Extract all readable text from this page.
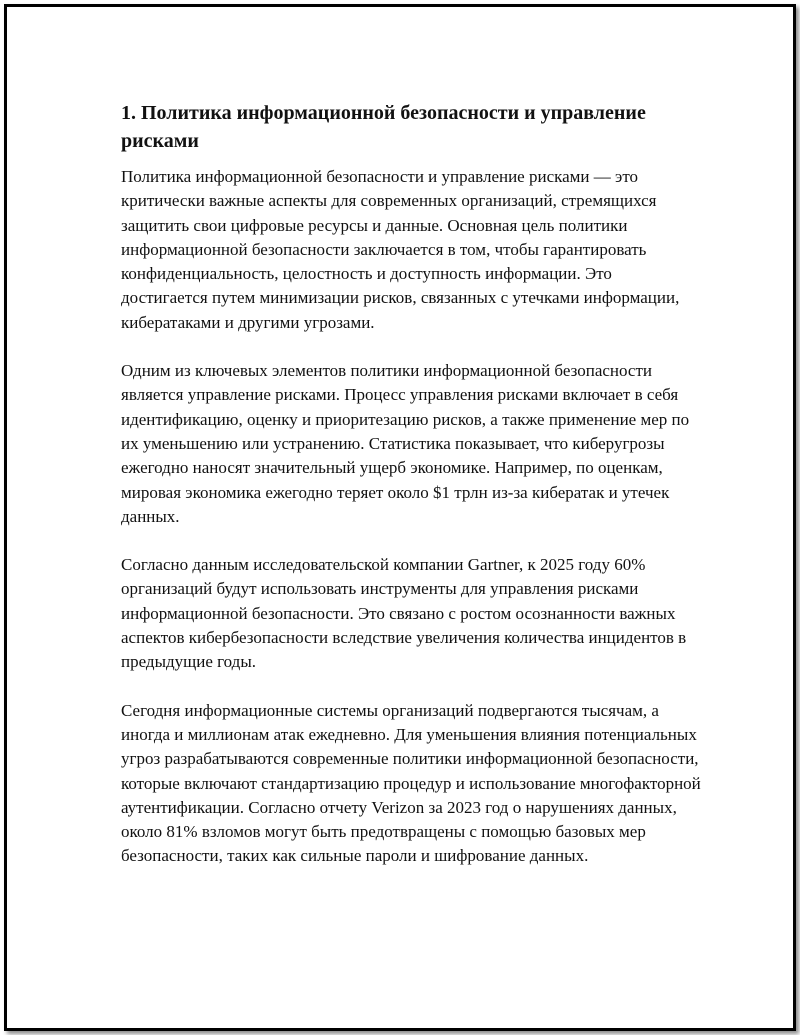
1. Политика информационной безопасности и управление рисками

Политика информационной безопасности и управление рисками — это критически важные аспекты для современных организаций, стремящихся защитить свои цифровые ресурсы и данные. Основная цель политики информационной безопасности заключается в том, чтобы гарантировать конфиденциальность, целостность и доступность информации. Это достигается путем минимизации рисков, связанных с утечками информации, кибератаками и другими угрозами.

Одним из ключевых элементов политики информационной безопасности является управление рисками. Процесс управления рисками включает в себя идентификацию, оценку и приоритезацию рисков, а также применение мер по их уменьшению или устранению. Статистика показывает, что киберугрозы ежегодно наносят значительный ущерб экономике. Например, по оценкам, мировая экономика ежегодно теряет около $1 трлн из-за кибератак и утечек данных.

Согласно данным исследовательской компании Gartner, к 2025 году 60% организаций будут использовать инструменты для управления рисками информационной безопасности. Это связано с ростом осознанности важных аспектов кибербезопасности вследствие увеличения количества инцидентов в предыдущие годы.

Сегодня информационные системы организаций подвергаются тысячам, а иногда и миллионам атак ежедневно. Для уменьшения влияния потенциальных угроз разрабатываются современные политики информационной безопасности, которые включают стандартизацию процедур и использование многофакторной аутентификации. Согласно отчету Verizon за 2023 год о нарушениях данных, около 81% взломов могут быть предотвращены с помощью базовых мер безопасности, таких как сильные пароли и шифрование данных.
